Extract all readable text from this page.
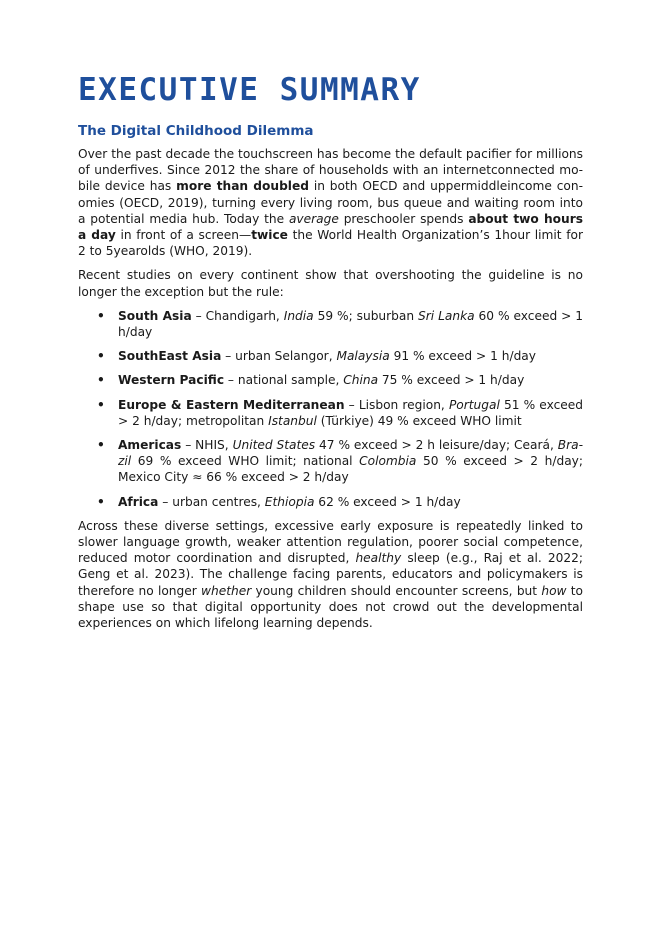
EXECUTIVE SUMMARY
The Digital Childhood Dilemma

Over the past decade the touchscreen has become the default pacifier for millions of underfives. Since 2012 the share of households with an internetconnected mobile device has more than doubled in both OECD and uppermiddleincome conomies (OECD, 2019), turning every living room, bus queue and waiting room into a potential media hub. Today the average preschooler spends about two hours a day in front of a screen—twice the World Health Organization’s 1hour limit for 2 to 5yearolds (WHO, 2019).

Recent studies on every continent show that overshooting the guideline is no longer the exception but the rule:

• South Asia – Chandigarh, India 59 %; suburban Sri Lanka 60 % exceed > 1 h/day
• SouthEast Asia – urban Selangor, Malaysia 91 % exceed > 1 h/day
• Western Pacific – national sample, China 75 % exceed > 1 h/day
• Europe & Eastern Mediterranean – Lisbon region, Portugal 51 % exceed > 2 h/day; metropolitan Istanbul (Türkiye) 49 % exceed WHO limit
• Americas – NHIS, United States 47 % exceed > 2 h leisure/day; Ceará, Brazil 69 % exceed WHO limit; national Colombia 50 % exceed > 2 h/day; Mexico City ≈ 66 % exceed > 2 h/day
• Africa – urban centres, Ethiopia 62 % exceed > 1 h/day

Across these diverse settings, excessive early exposure is repeatedly linked to slower language growth, weaker attention regulation, poorer social competence, reduced motor coordination and disrupted, healthy sleep (e.g., Raj et al. 2022; Geng et al. 2023). The challenge facing parents, educators and policymakers is therefore no longer whether young children should encounter screens, but how to shape use so that digital opportunity does not crowd out the developmental experiences on which lifelong learning depends.
